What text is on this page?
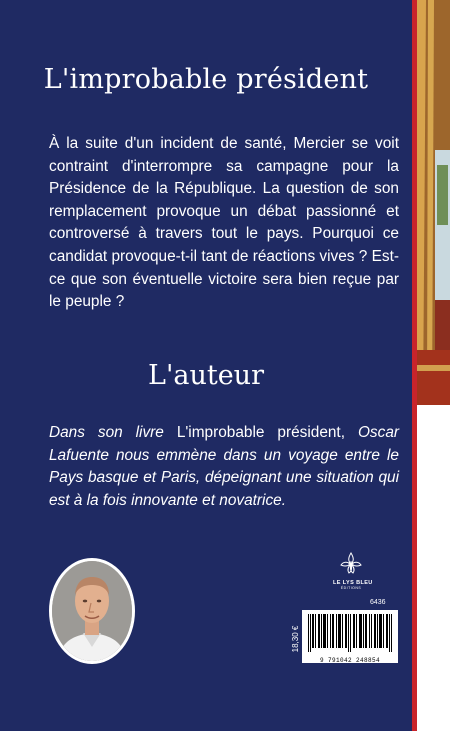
L'improbable président

À la suite d'un incident de santé, Mercier se voit contraint d'interrompre sa campagne pour la Présidence de la République. La question de son remplacement provoque un débat passionné et controversé à travers tout le pays. Pourquoi ce candidat provoque-t-il tant de réactions vives ? Est-ce que son éventuelle victoire sera bien reçue par le peuple ?

L'auteur

Dans son livre L'improbable président, Oscar Lafuente nous emmène dans un voyage entre le Pays basque et Paris, dépeignant une situation qui est à la fois innovante et novatrice.

LE LYS BLEU
ÉDITIONS
6436
18,30 €
9 791042 248854
